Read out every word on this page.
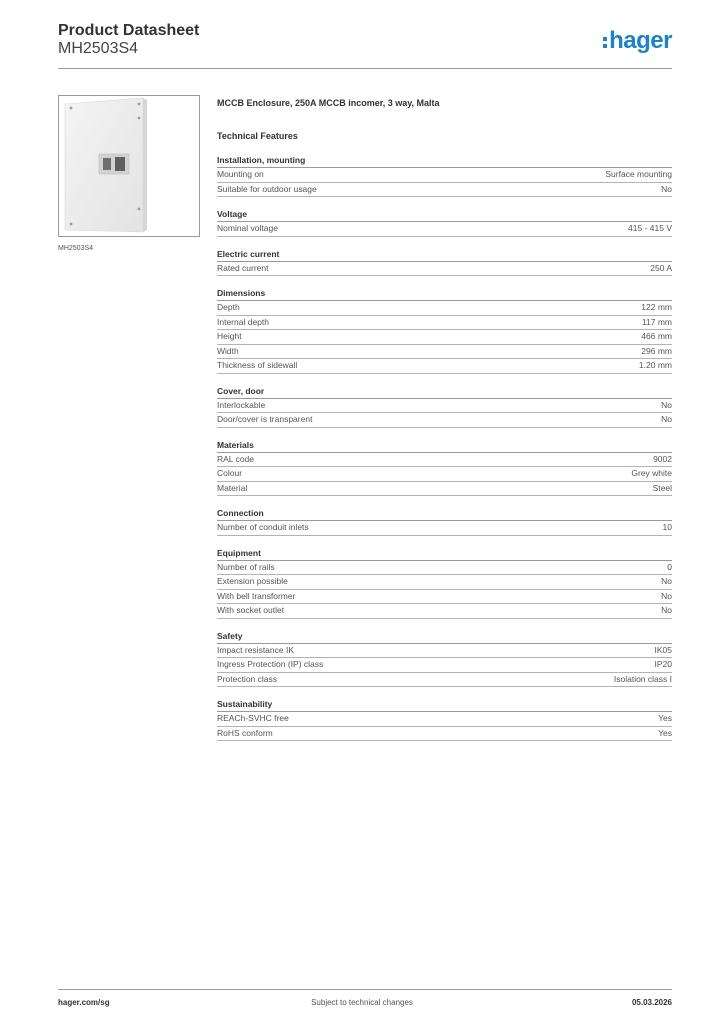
Product Datasheet
MH2503S4	hager
MH2503S4
MCCB Enclosure, 250A MCCB incomer, 3 way, Malta
Technical Features
Installation, mounting
Mounting on	Surface mounting
Suitable for outdoor usage	No
Voltage
Nominal voltage	415 - 415 V
Electric current
Rated current	250 A
Dimensions
Depth	122 mm
Internal depth	117 mm
Height	466 mm
Width	296 mm
Thickness of sidewall	1.20 mm
Cover, door
Interlockable	No
Door/cover is transparent	No
Materials
RAL code	9002
Colour	Grey white
Material	Steel
Connection
Number of conduit inlets	10
Equipment
Number of rails	0
Extension possible	No
With bell transformer	No
With socket outlet	No
Safety
Impact resistance IK	IK05
Ingress Protection (IP) class	IP20
Protection class	Isolation class I
Sustainability
REACh-SVHC free	Yes
RoHS conform	Yes
hager.com/sg	Subject to technical changes	05.03.2026
